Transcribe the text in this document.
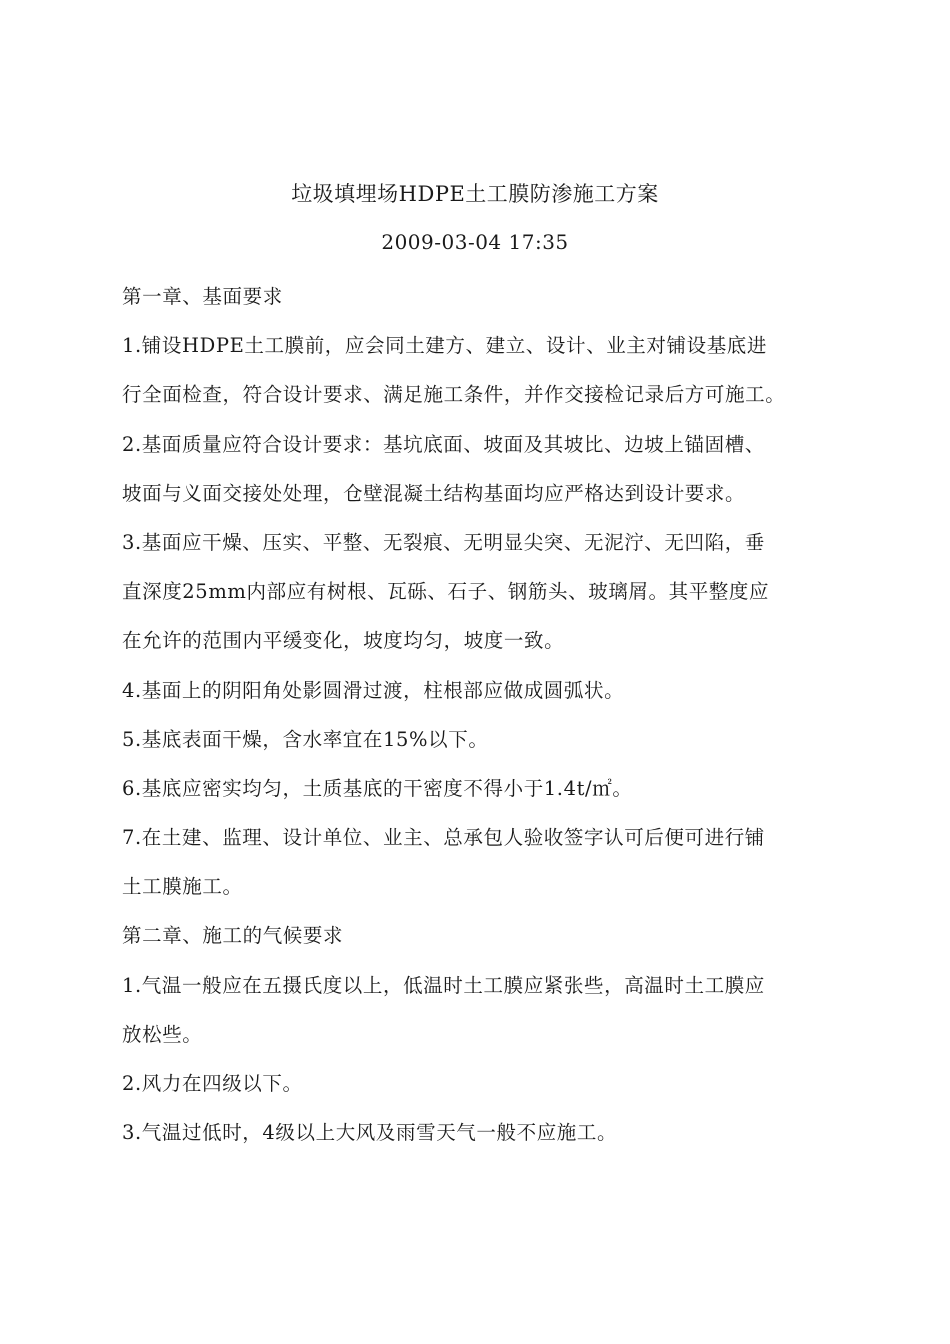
垃圾填埋场HDPE土工膜防渗施工方案
2009-03-04 17:35
第一章、基面要求
1.铺设HDPE土工膜前，应会同土建方、建立、设计、业主对铺设基底进
行全面检查，符合设计要求、满足施工条件，并作交接检记录后方可施工。
2.基面质量应符合设计要求：基坑底面、坡面及其坡比、边坡上锚固槽、
坡面与义面交接处处理，仓壁混凝土结构基面均应严格达到设计要求。
3.基面应干燥、压实、平整、无裂痕、无明显尖突、无泥泞、无凹陷，垂
直深度25mm内部应有树根、瓦砾、石子、钢筋头、玻璃屑。其平整度应
在允许的范围内平缓变化，坡度均匀，坡度一致。
4.基面上的阴阳角处影圆滑过渡，柱根部应做成圆弧状。
5.基底表面干燥，含水率宜在15%以下。
6.基底应密实均匀，土质基底的干密度不得小于1.4t/㎡。
7.在土建、监理、设计单位、业主、总承包人验收签字认可后便可进行铺
土工膜施工。
第二章、施工的气候要求
1.气温一般应在五摄氏度以上，低温时土工膜应紧张些，高温时土工膜应
放松些。
2.风力在四级以下。
3.气温过低时，4级以上大风及雨雪天气一般不应施工。
